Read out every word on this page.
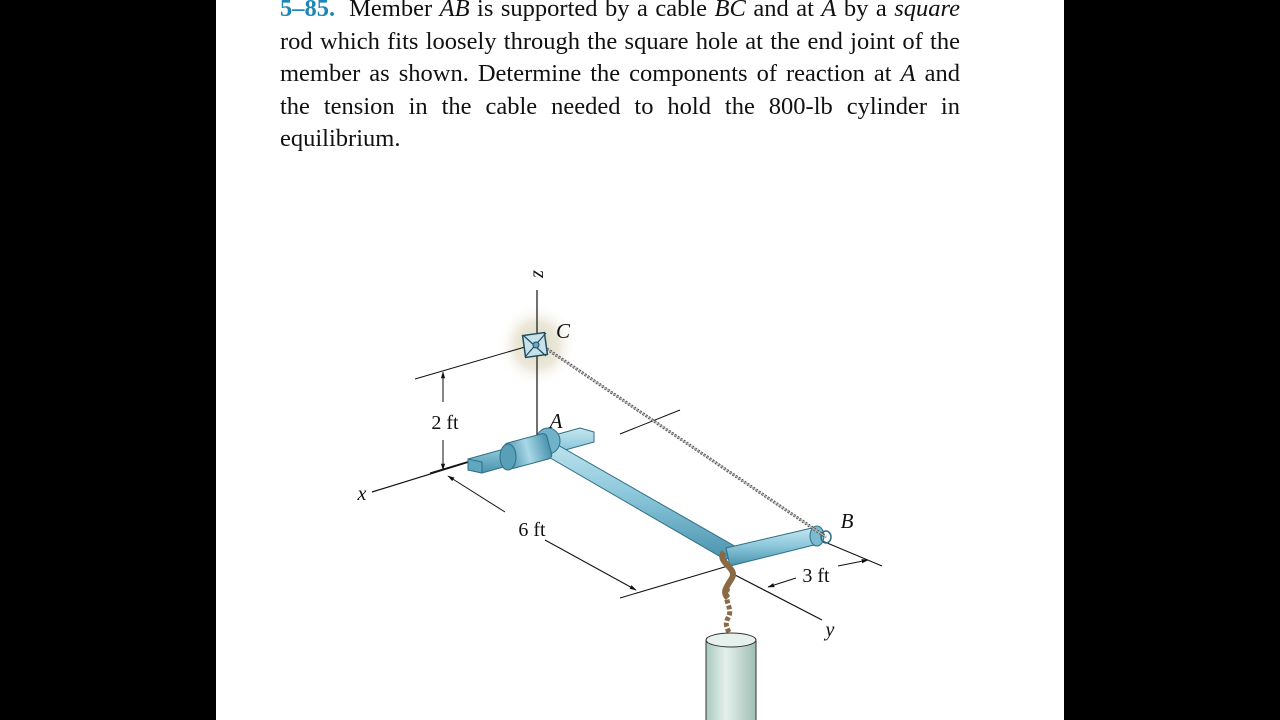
5–85. Member AB is supported by a cable BC and at A by a square rod which fits loosely through the square hole at the end joint of the member as shown. Determine the components of reaction at A and the tension in the cable needed to hold the 800-lb cylinder in equilibrium.

z
x
y
2 ft
6 ft
3 ft
A
B
C
